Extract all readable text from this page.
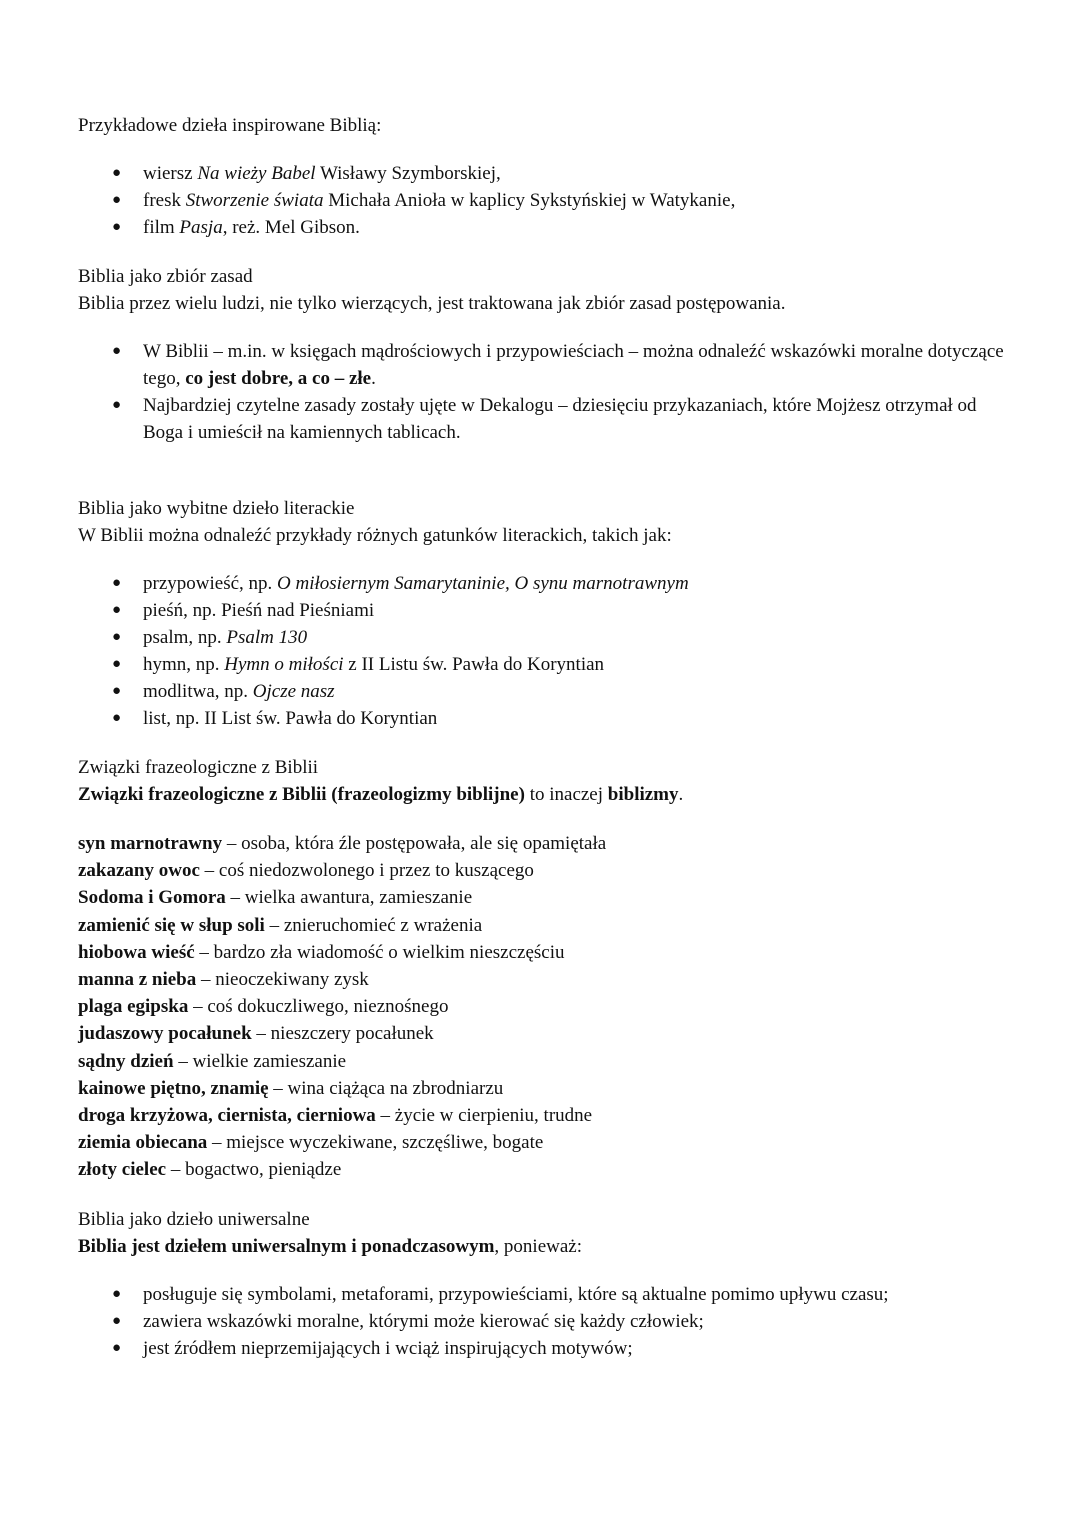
Przykładowe dzieła inspirowane Biblią:

● wiersz Na wieży Babel Wisławy Szymborskiej,
● fresk Stworzenie świata Michała Anioła w kaplicy Sykstyńskiej w Watykanie,
● film Pasja, reż. Mel Gibson.

Biblia jako zbiór zasad

Biblia przez wielu ludzi, nie tylko wierzących, jest traktowana jak zbiór zasad postępowania.

● W Biblii – m.in. w księgach mądrościowych i przypowieściach – można odnaleźć wskazówki moralne dotyczące tego, co jest dobre, a co – złe.
● Najbardziej czytelne zasady zostały ujęte w Dekalogu – dziesięciu przykazaniach, które Mojżesz otrzymał od Boga i umieścił na kamiennych tablicach.

Biblia jako wybitne dzieło literackie

W Biblii można odnaleźć przykłady różnych gatunków literackich, takich jak:

● przypowieść, np. O miłosiernym Samarytaninie, O synu marnotrawnym
● pieśń, np. Pieśń nad Pieśniami
● psalm, np. Psalm 130
● hymn, np. Hymn o miłości z II Listu św. Pawła do Koryntian
● modlitwa, np. Ojcze nasz
● list, np. II List św. Pawła do Koryntian

Związki frazeologiczne z Biblii

Związki frazeologiczne z Biblii (frazeologizmy biblijne) to inaczej biblizmy.

syn marnotrawny – osoba, która źle postępowała, ale się opamiętała

zakazany owoc – coś niedozwolonego i przez to kuszącego

Sodoma i Gomora – wielka awantura, zamieszanie

zamienić się w słup soli – znieruchomieć z wrażenia

hiobowa wieść – bardzo zła wiadomość o wielkim nieszczęściu

manna z nieba – nieoczekiwany zysk

plaga egipska – coś dokuczliwego, nieznośnego

judaszowy pocałunek – nieszczery pocałunek

sądny dzień – wielkie zamieszanie

kainowe piętno, znamię – wina ciążąca na zbrodniarzu

droga krzyżowa, ciernista, cierniowa – życie w cierpieniu, trudne

ziemia obiecana – miejsce wyczekiwane, szczęśliwe, bogate

złoty cielec – bogactwo, pieniądze

Biblia jako dzieło uniwersalne

Biblia jest dziełem uniwersalnym i ponadczasowym, ponieważ:

● posługuje się symbolami, metaforami, przypowieściami, które są aktualne pomimo upływu czasu;
● zawiera wskazówki moralne, którymi może kierować się każdy człowiek;
● jest źródłem nieprzemijających i wciąż inspirujących motywów;
